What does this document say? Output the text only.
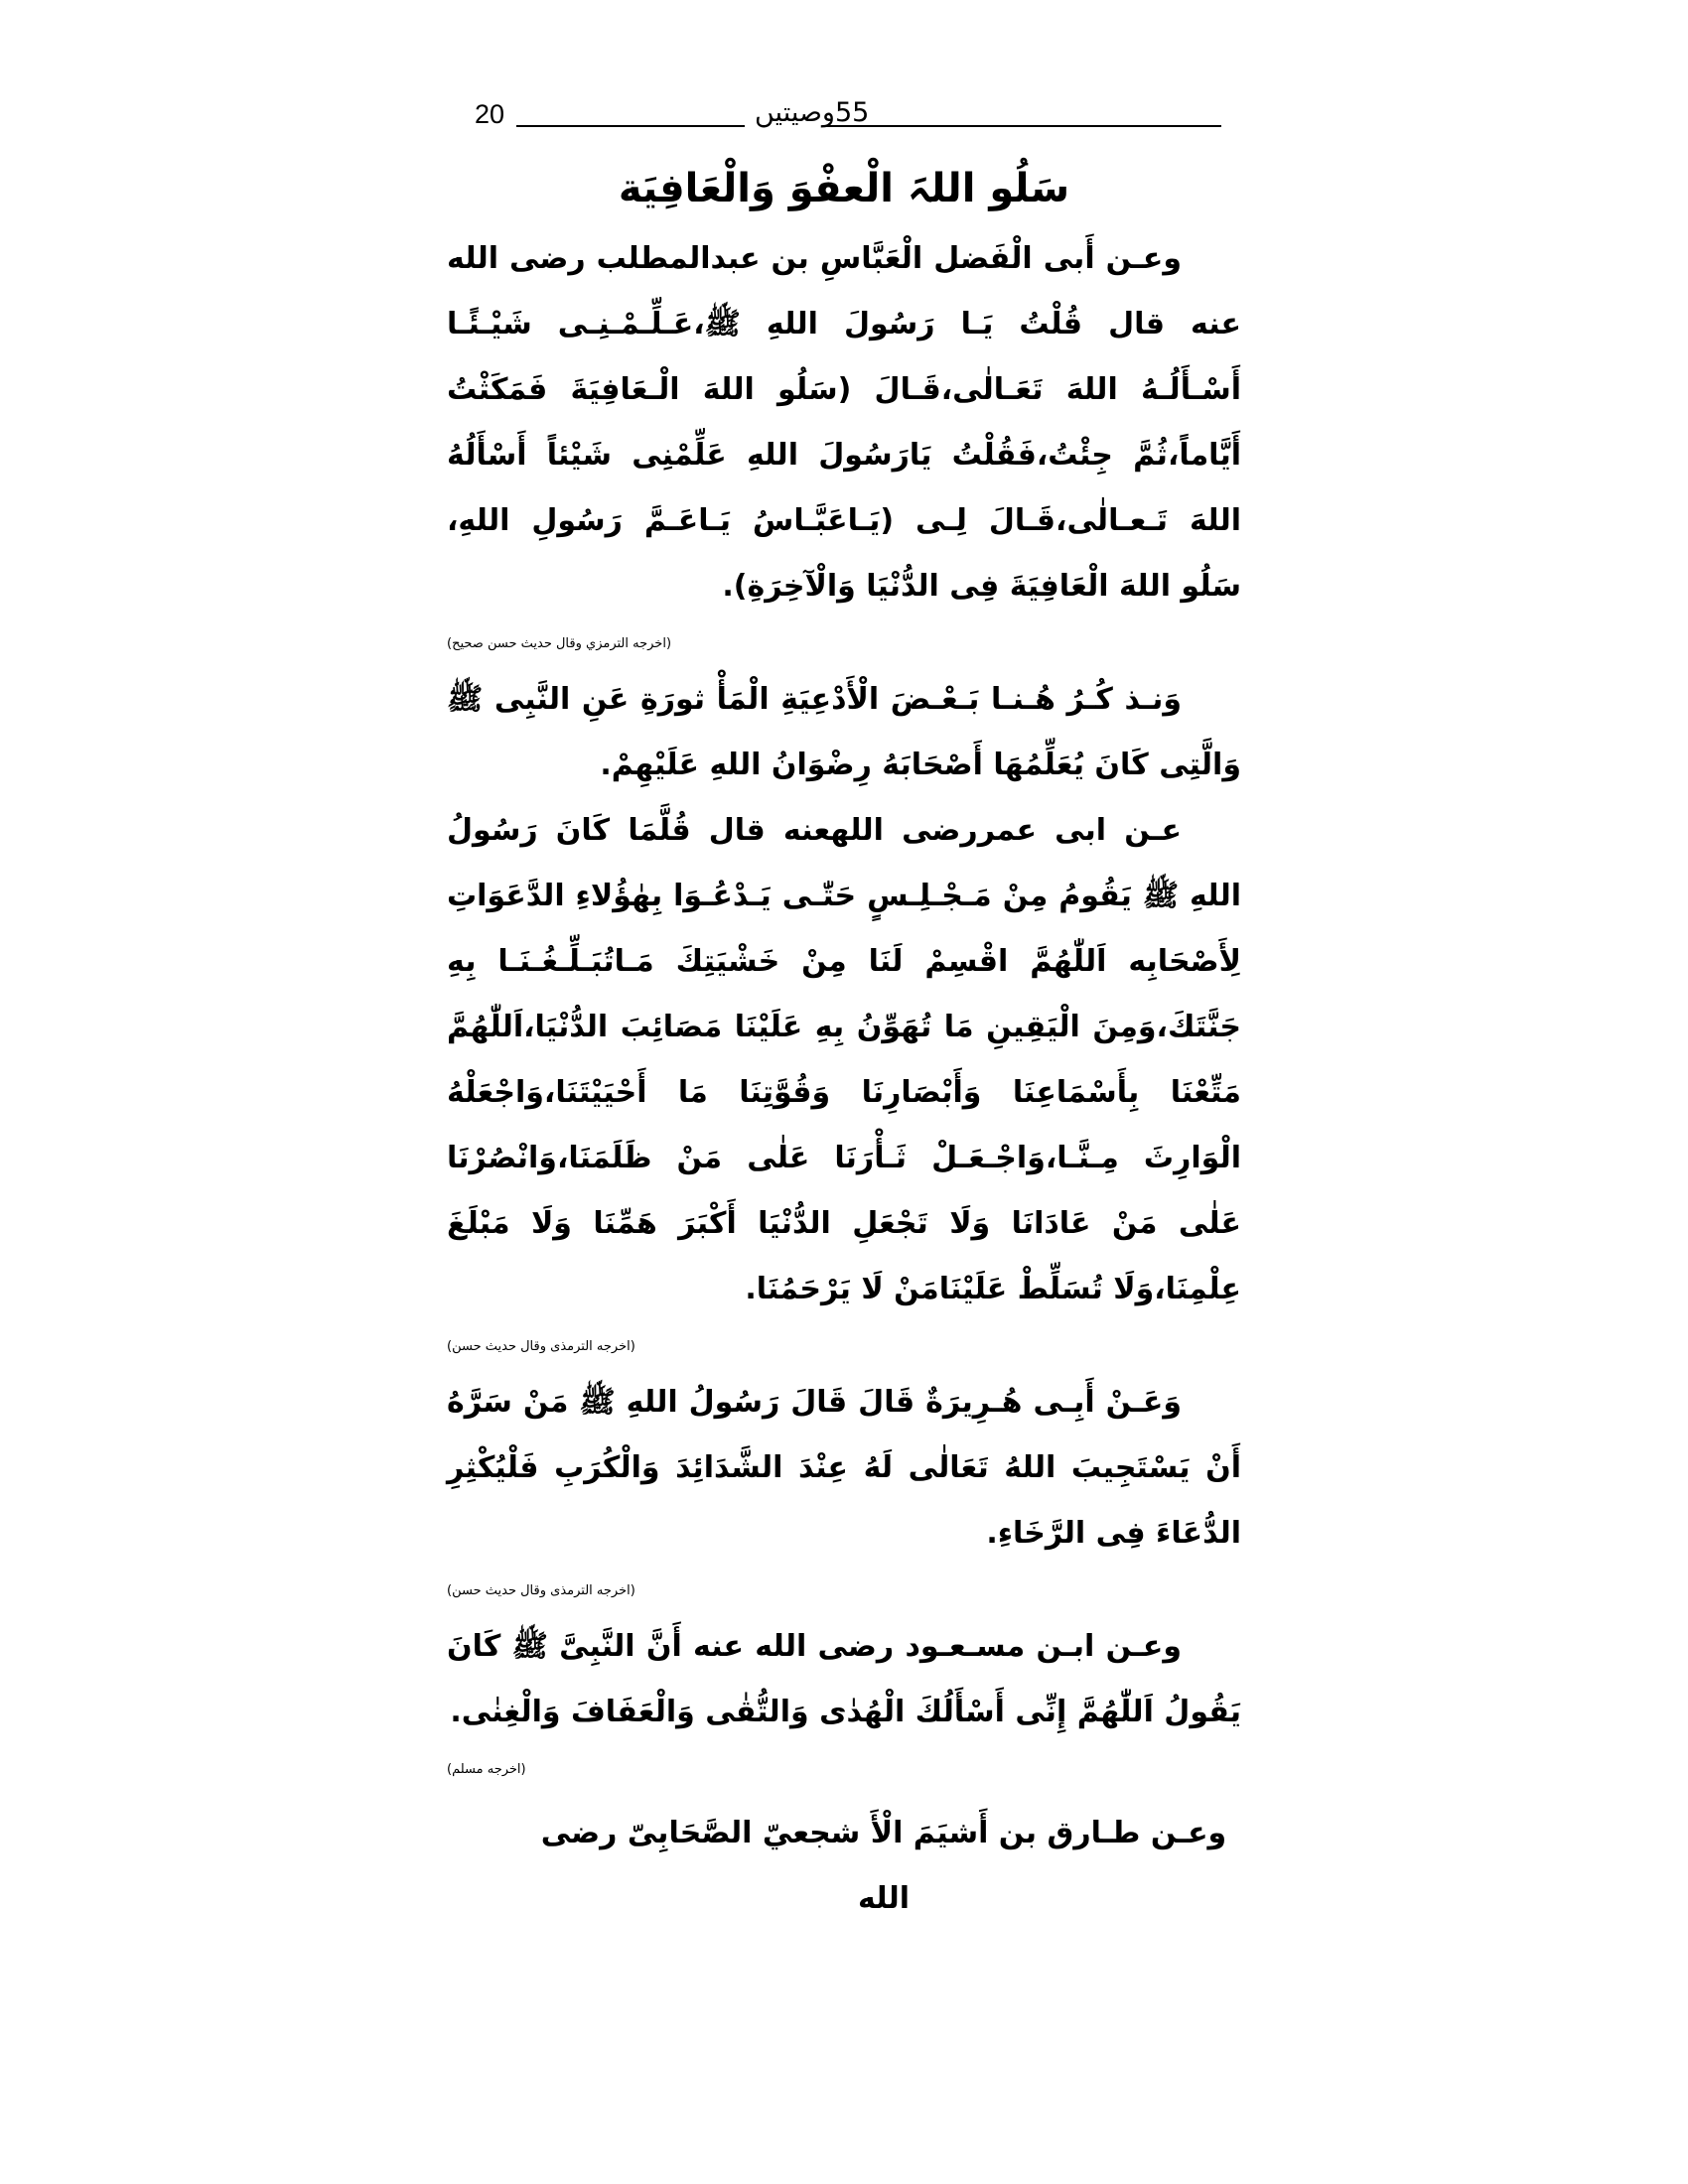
20	55وصیتیں
سَلُو اللہَ الْعفْوَ وَالْعَافِيَة

وعـن أَبى الْفَضل الْعَبَّاسِ بن عبدالمطلب رضى الله عنه قال قُلْتُ يَـا رَسُولَ اللهِ ﷺ،عَـلِّـمْـنِـى شَيْـئًـا أَسْـأَلُـهُ اللهَ تَعَـالٰى،قَـالَ (سَلُو اللهَ الْـعَافِيَةَ فَمَكَثْتُ أَيَّاماً،ثُمَّ جِئْتُ،فَقُلْتُ يَارَسُولَ اللهِ عَلِّمْنِى شَيْئاً أَسْأَلُهُ اللهَ تَـعـالٰى،قَـالَ لِـى (يَـاعَبَّـاسُ يَـاعَـمَّ رَسُولِ اللهِ، سَلُو اللهَ الْعَافِيَةَ فِى الدُّنْيَا وَالْآخِرَةِ).

(اخرجه الترمزي وقال حديث حسن صحيح)

وَنـذ كُـرُ هُـنـا بَـعْـضَ الْأَدْعِيَةِ الْمَأْ ثورَةِ عَنِ النَّبِى ﷺ وَالَّتِى كَانَ يُعَلِّمُهَا أَصْحَابَهُ رِضْوَانُ اللهِ عَلَيْهِمْ.

عـن ابى عمررضى اللهعنه قال قُلَّمَا كَانَ رَسُولُ اللهِ ﷺ يَقُومُ مِنْ مَـجْـلِـسٍ حَتّٰـى يَـدْعُـوَا بِهٰؤُلاءِ الدَّعَوَاتِ لِأَصْحَابِه اَللّٰهُمَّ اقْسِمْ لَنَا مِنْ خَشْيَتِكَ مَـاتُبَـلِّـغُـنَـا بِهِ جَنَّتَكَ،وَمِنَ الْيَقِينِ مَا تُهَوِّنُ بِهِ عَلَيْنَا مَصَائِبَ الدُّنْيَا،اَللّٰهُمَّ مَتِّعْنَا بِأَسْمَاعِنَا وَأَبْصَارِنَا وَقُوَّتِنَا مَا أَحْيَيْتَنَا،وَاجْعَلْهُ الْوَارِثَ مِـنَّـا،وَاجْـعَـلْ ثَـأْرَنَا عَلٰى مَنْ ظَلَمَنَا،وَانْصُرْنَا عَلٰى مَنْ عَادَانَا وَلَا تَجْعَلِ الدُّنْيَا أَكْبَرَ هَمِّنَا وَلَا مَبْلَغَ عِلْمِنَا،وَلَا تُسَلِّطْ عَلَيْنَامَنْ لَا يَرْحَمُنَا.

(اخرجه الترمذى وقال حديث حسن)

وَعَـنْ أَبِـى هُـرِيرَةٌ قَالَ قَالَ رَسُولُ اللهِ ﷺ مَنْ سَرَّهُ أَنْ يَسْتَجِيبَ اللهُ تَعَالٰى لَهُ عِنْدَ الشَّدَائِدَ وَالْكُرَبِ فَلْيُكْثِرِ الدُّعَاءَ فِى الرَّخَاءِ.

(اخرجه الترمذى وقال حديث حسن)

وعـن ابـن مسـعـود رضى الله عنه أَنَّ النَّبِىَّ ﷺ كَانَ يَقُولُ اَللّٰهُمَّ إِنِّى أَسْأَلُكَ الْهُدٰى وَالتُّقٰى وَالْعَفَافَ وَالْغِنٰى.

(اخرجه مسلم)

وعـن طـارق بن أَشيَمَ الْأَ شجعيّ الصَّحَابِىّ رضى الله
